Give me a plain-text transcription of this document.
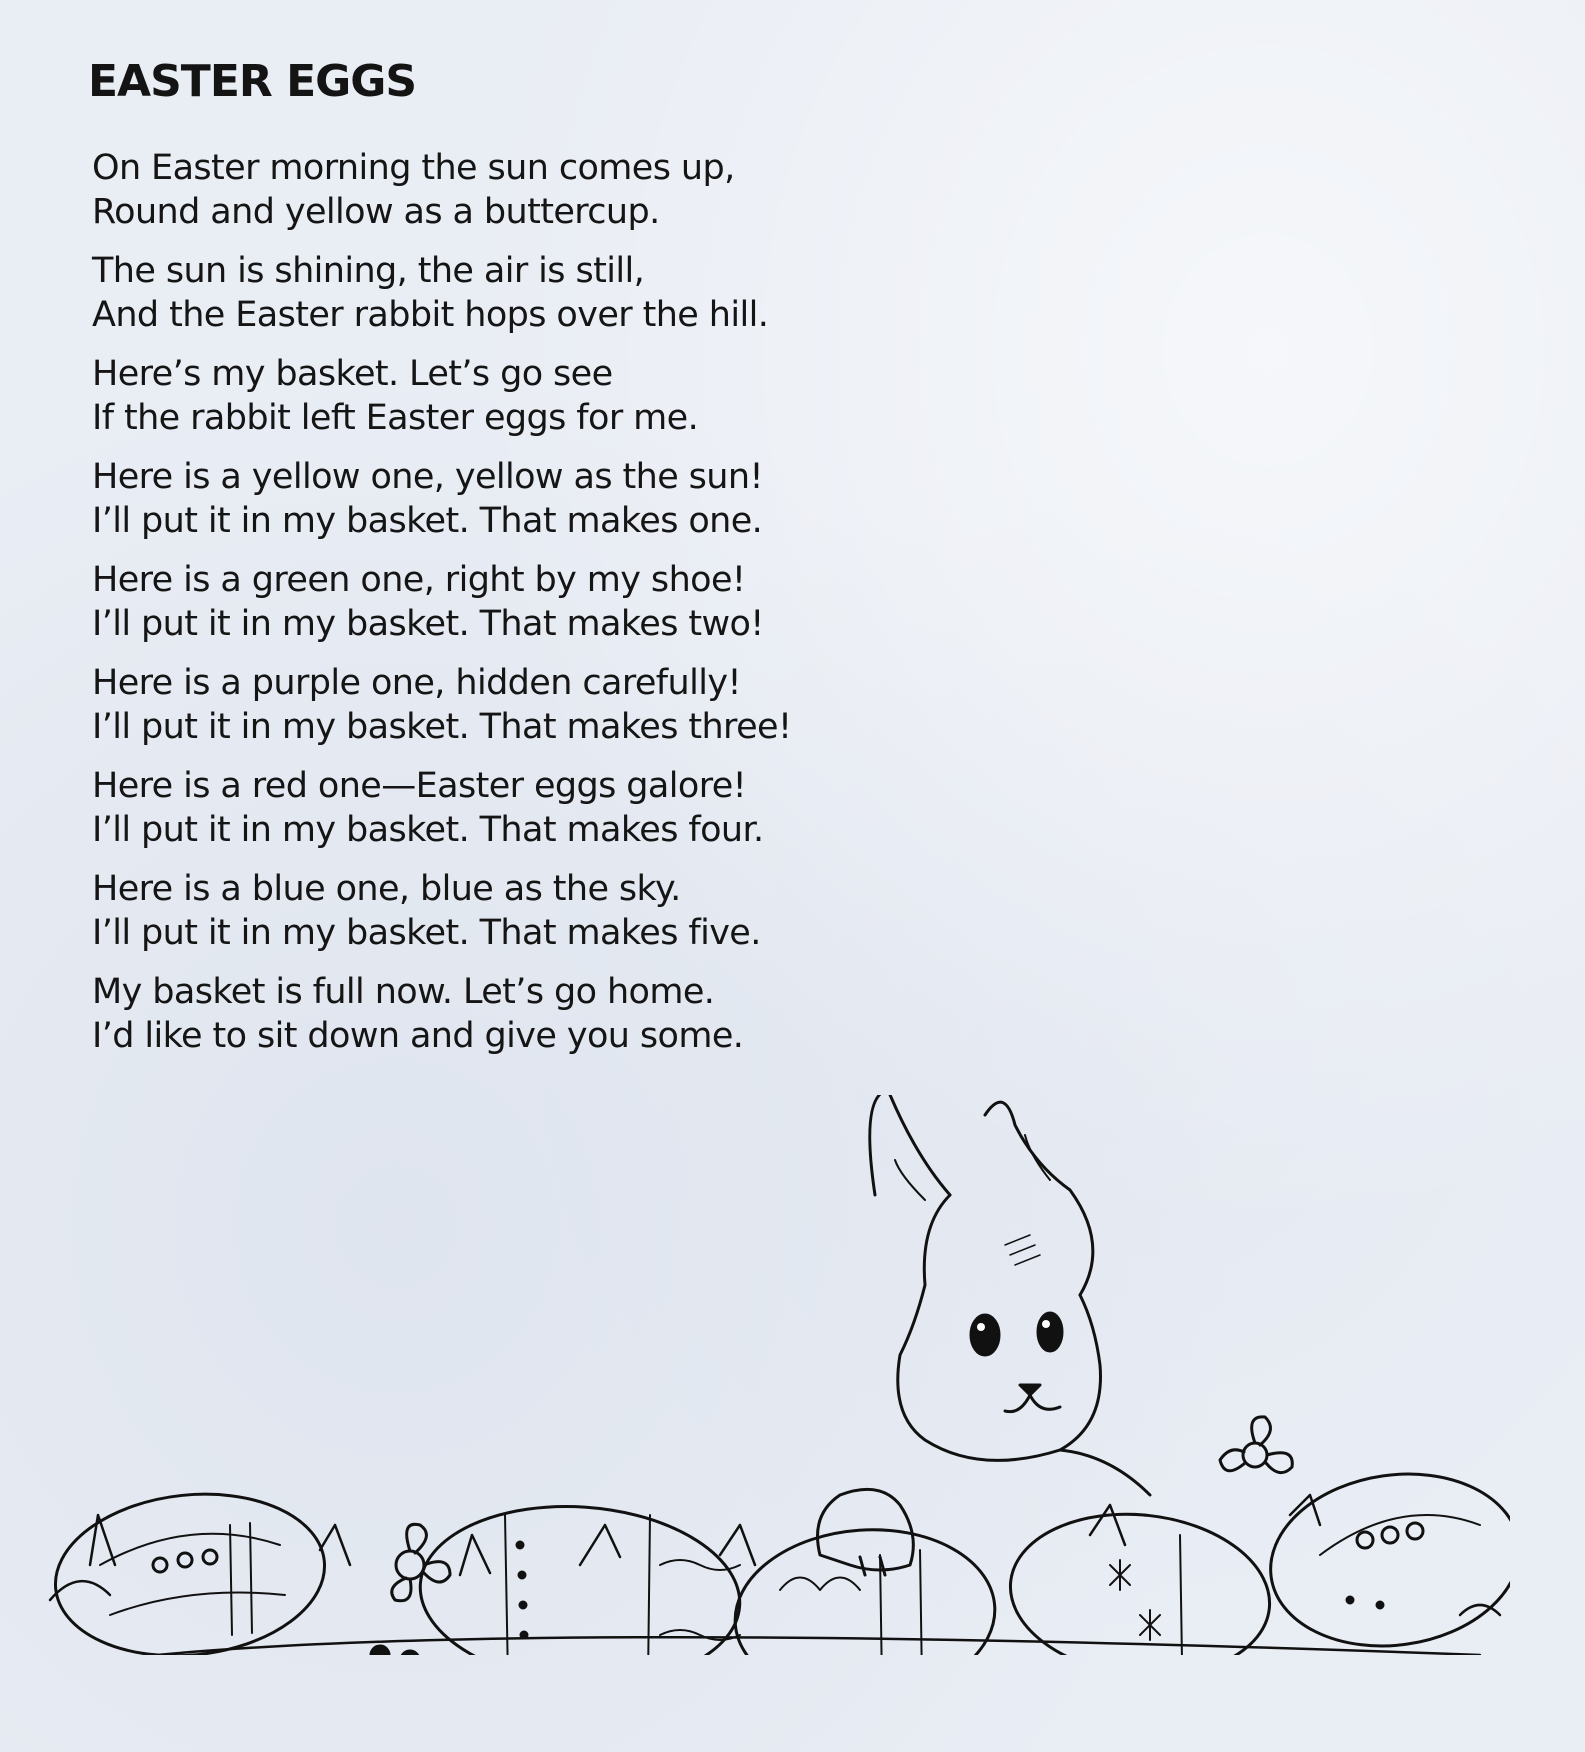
EASTER EGGS

On Easter morning the sun comes up,
Round and yellow as a buttercup.

The sun is shining, the air is still,
And the Easter rabbit hops over the hill.

Here’s my basket. Let’s go see
If the rabbit left Easter eggs for me.

Here is a yellow one, yellow as the sun!
I’ll put it in my basket. That makes one.

Here is a green one, right by my shoe!
I’ll put it in my basket. That makes two!

Here is a purple one, hidden carefully!
I’ll put it in my basket. That makes three!

Here is a red one—Easter eggs galore!
I’ll put it in my basket. That makes four.

Here is a blue one, blue as the sky.
I’ll put it in my basket. That makes five.

My basket is full now. Let’s go home.
I’d like to sit down and give you some.
